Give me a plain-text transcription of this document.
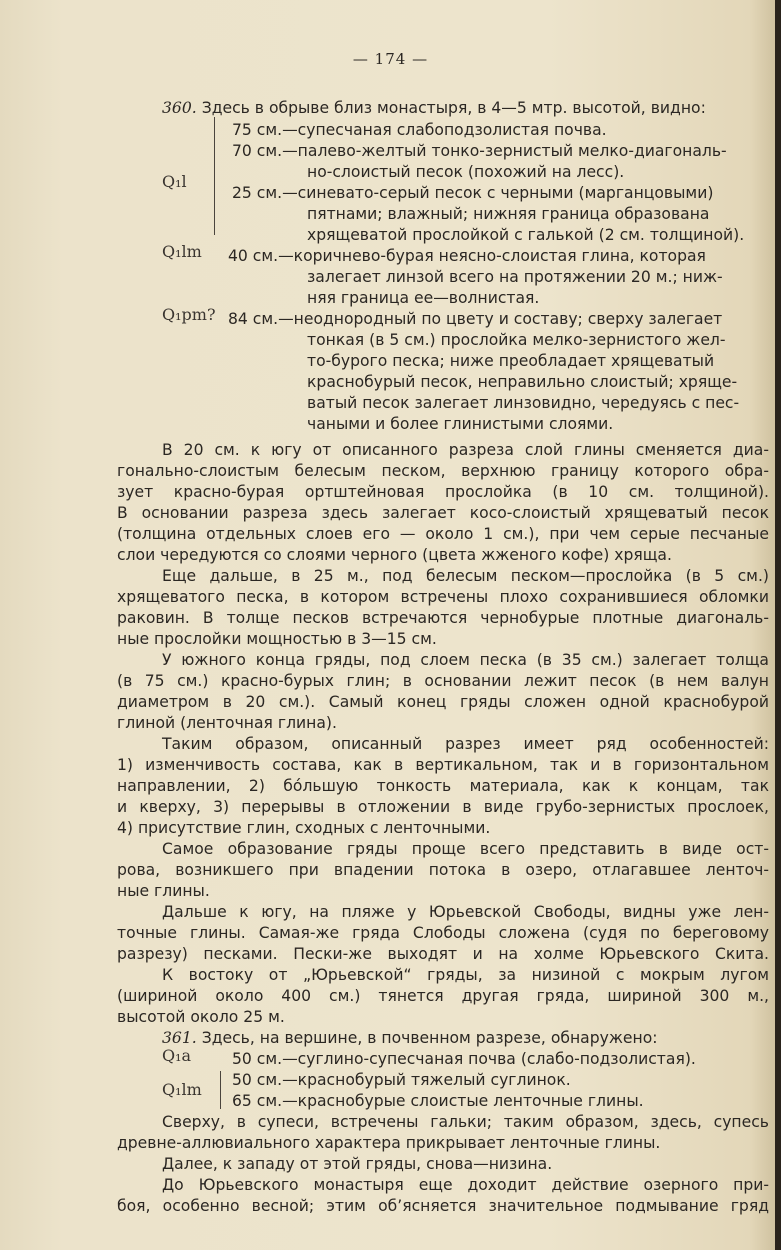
— 174 —
360. Здесь в обрыве близ монастыря, в 4—5 мтр. высотой, видно:
Q₁l
75 см.—супесчаная слабоподзолистая почва.
70 см.—палево-желтый тонко-зернистый мелко-диагональ-
но-слоистый песок (похожий на лесс).
25 см.—синевато-серый песок с черными (марганцовыми)
пятнами; влажный; нижняя граница образована
хрящеватой прослойкой с галькой (2 см. толщиной).
Q₁lm 40 см.—коричнево-бурая неясно-слоистая глина, которая
залегает линзой всего на протяжении 20 м.; ниж-
няя граница ее—волнистая.
Q₁pm? 84 см.—неоднородный по цвету и составу; сверху залегает
тонкая (в 5 см.) прослойка мелко-зернистого жел-
то-бурого песка; ниже преобладает хрящеватый
краснобурый песок, неправильно слоистый; хряще-
ватый песок залегает линзовидно, чередуясь с пес-
чаными и более глинистыми слоями.
В 20 см. к югу от описанного разреза слой глины сменяется диа-
гонально-слоистым белесым песком, верхнюю границу которого обра-
зует красно-бурая ортштейновая прослойка (в 10 см. толщиной).
В основании разреза здесь залегает косо-слоистый хрящеватый песок
(толщина отдельных слоев его — около 1 см.), при чем серые песчаные
слои чередуются со слоями черного (цвета жженого кофе) хряща.
Еще дальше, в 25 м., под белесым песком—прослойка (в 5 см.)
хрящеватого песка, в котором встречены плохо сохранившиеся обломки
раковин. В толще песков встречаются чернобурые плотные диагональ-
ные прослойки мощностью в 3—15 см.
У южного конца гряды, под слоем песка (в 35 см.) залегает толща
(в 75 см.) красно-бурых глин; в основании лежит песок (в нем валун
диаметром в 20 см.). Самый конец гряды сложен одной краснобурой
глиной (ленточная глина).
Таким образом, описанный разрез имеет ряд особенностей:
1) изменчивость состава, как в вертикальном, так и в горизонтальном
направлении, 2) бо́льшую тонкость материала, как к концам, так
и кверху, 3) перерывы в отложении в виде грубо-зернистых прослоек,
4) присутствие глин, сходных с ленточными.
Самое образование гряды проще всего представить в виде ост-
рова, возникшего при впадении потока в озеро, отлагавшее ленточ-
ные глины.
Дальше к югу, на пляже у Юрьевской Свободы, видны уже лен-
точные глины. Самая-же гряда Слободы сложена (судя по береговому
разрезу) песками. Пески-же выходят и на холме Юрьевского Скита.
К востоку от „Юрьевской“ гряды, за низиной с мокрым лугом
(шириной около 400 см.) тянется другая гряда, шириной 300 м.,
высотой около 25 м.
361. Здесь, на вершине, в почвенном разрезе, обнаружено:
Q₁a	50 см.—суглино-супесчаная почва (слабо-подзолистая).
Q₁lm 50 см.—краснобурый тяжелый суглинок.
65 см.—краснобурые слоистые ленточные глины.
Сверху, в супеси, встречены гальки; таким образом, здесь, супесь
древне-аллювиального характера прикрывает ленточные глины.
Далее, к западу от этой гряды, снова—низина.
До Юрьевского монастыря еще доходит действие озерного при-
боя, особенно весной; этим об’ясняется значительное подмывание гряд
